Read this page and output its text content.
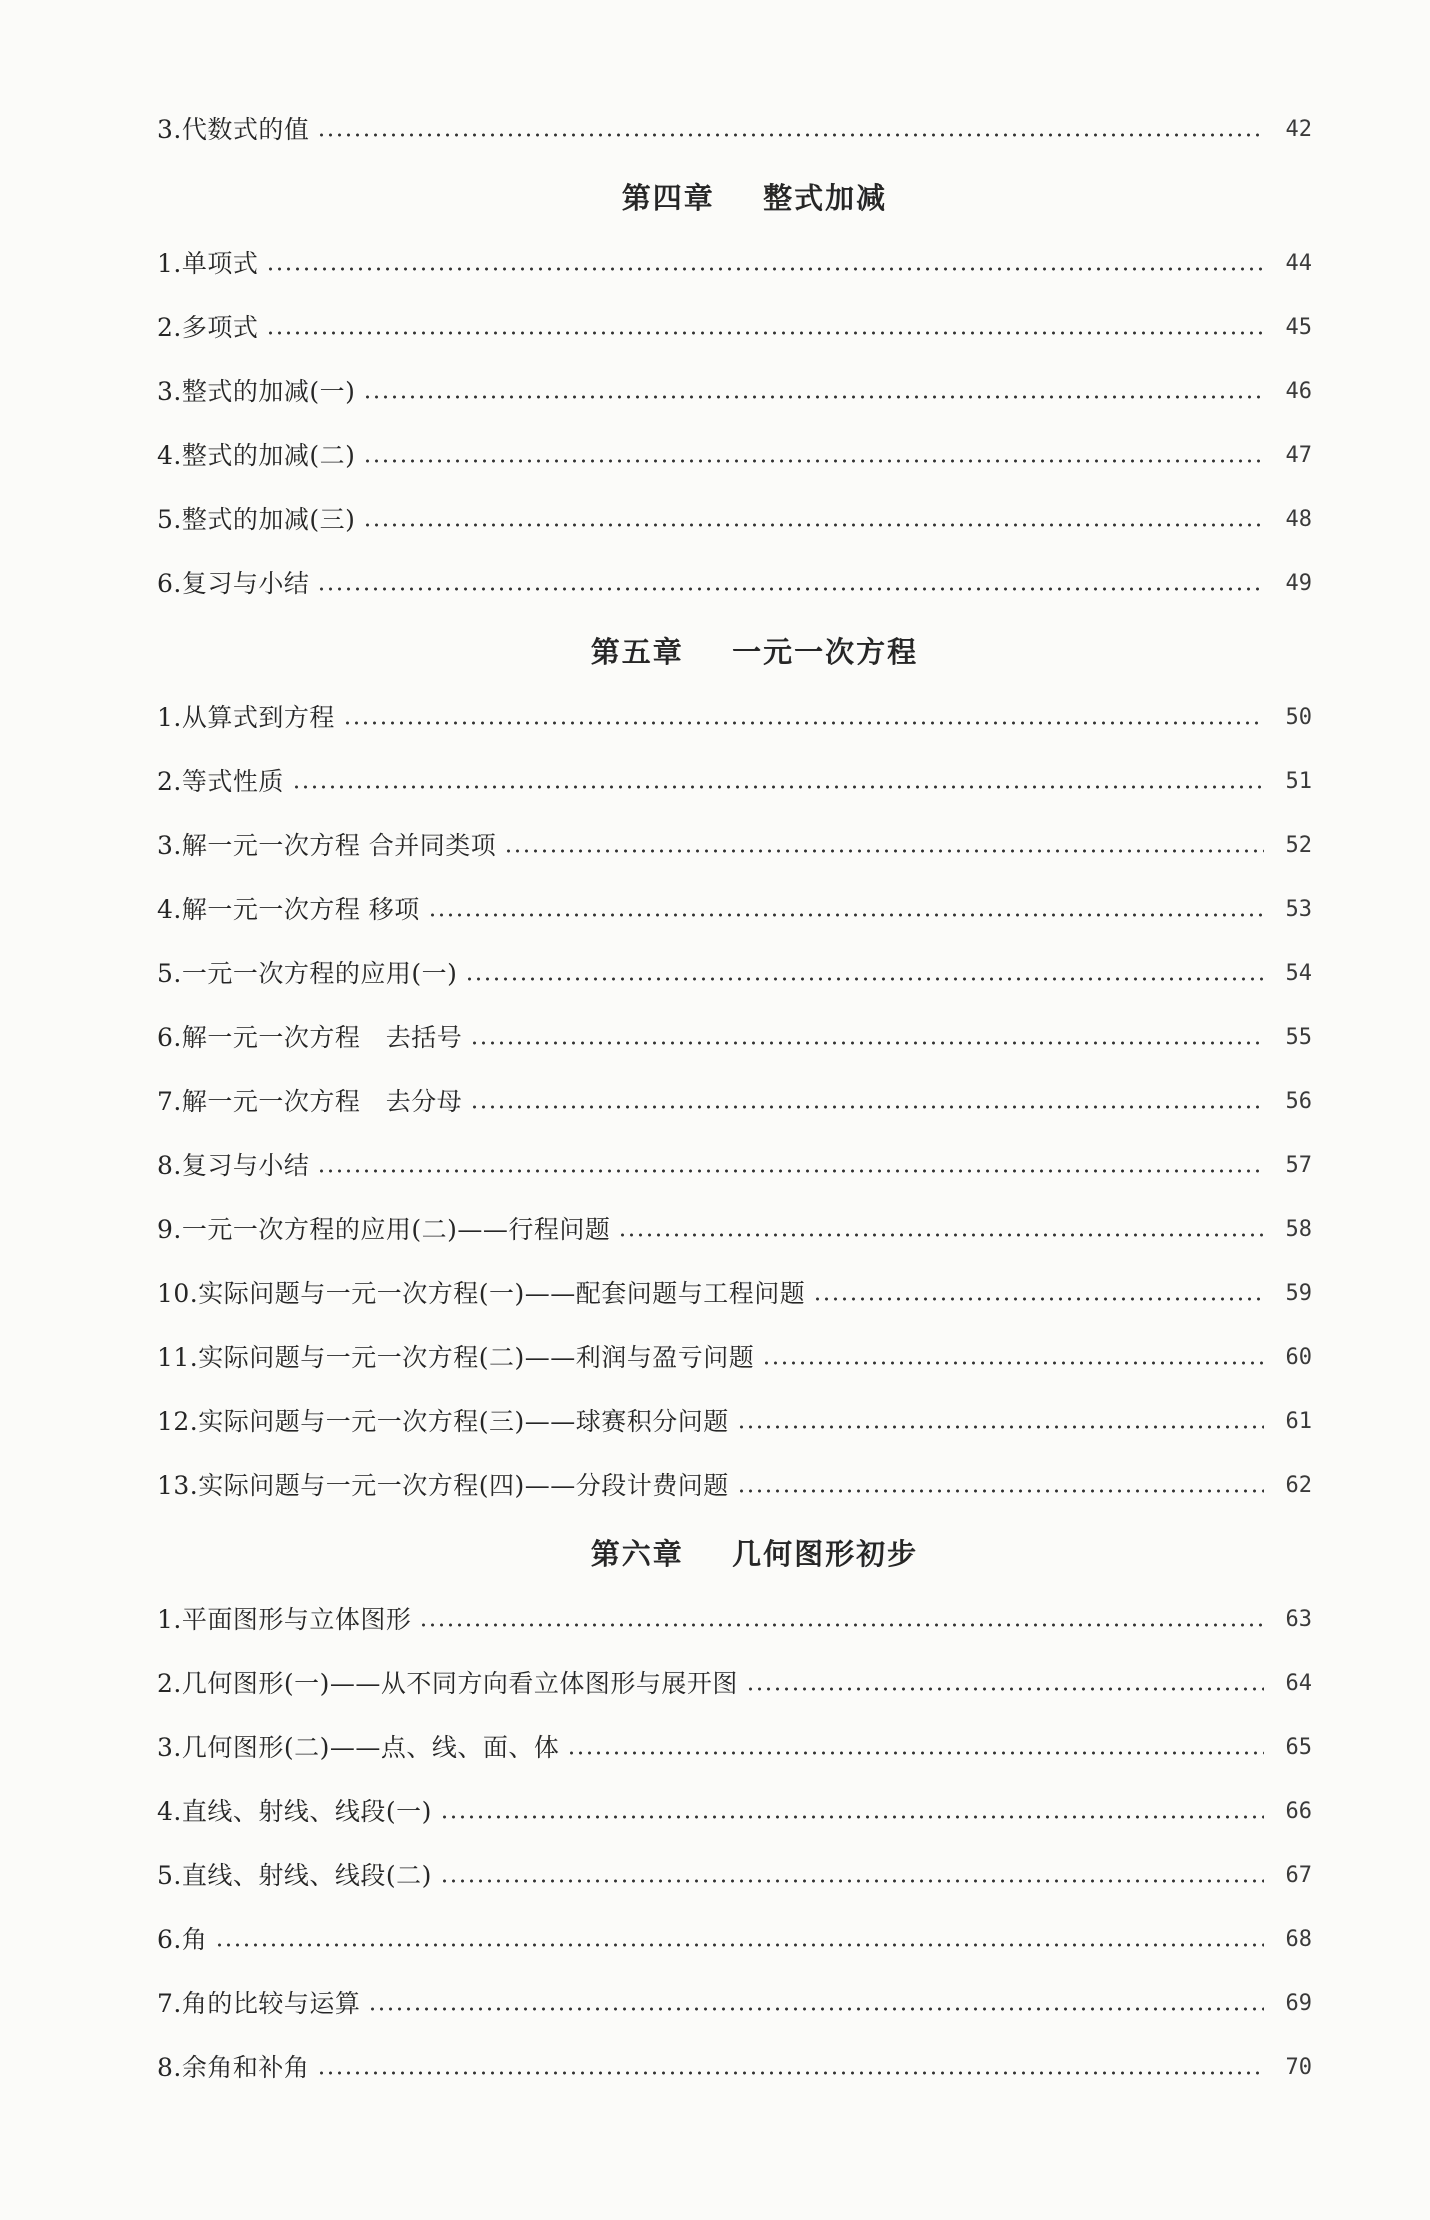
3.代数式的值	42
第四章    整式加减
1.单项式	44
2.多项式	45
3.整式的加减(一)	46
4.整式的加减(二)	47
5.整式的加减(三)	48
6.复习与小结	49
第五章    一元一次方程
1.从算式到方程	50
2.等式性质	51
3.解一元一次方程 合并同类项	52
4.解一元一次方程 移项	53
5.一元一次方程的应用(一)	54
6.解一元一次方程   去括号	55
7.解一元一次方程   去分母	56
8.复习与小结	57
9.一元一次方程的应用(二)——行程问题	58
10.实际问题与一元一次方程(一)——配套问题与工程问题	59
11.实际问题与一元一次方程(二)——利润与盈亏问题	60
12.实际问题与一元一次方程(三)——球赛积分问题	61
13.实际问题与一元一次方程(四)——分段计费问题	62
第六章    几何图形初步
1.平面图形与立体图形	63
2.几何图形(一)——从不同方向看立体图形与展开图	64
3.几何图形(二)——点、线、面、体	65
4.直线、射线、线段(一)	66
5.直线、射线、线段(二)	67
6.角	68
7.角的比较与运算	69
8.余角和补角	70
